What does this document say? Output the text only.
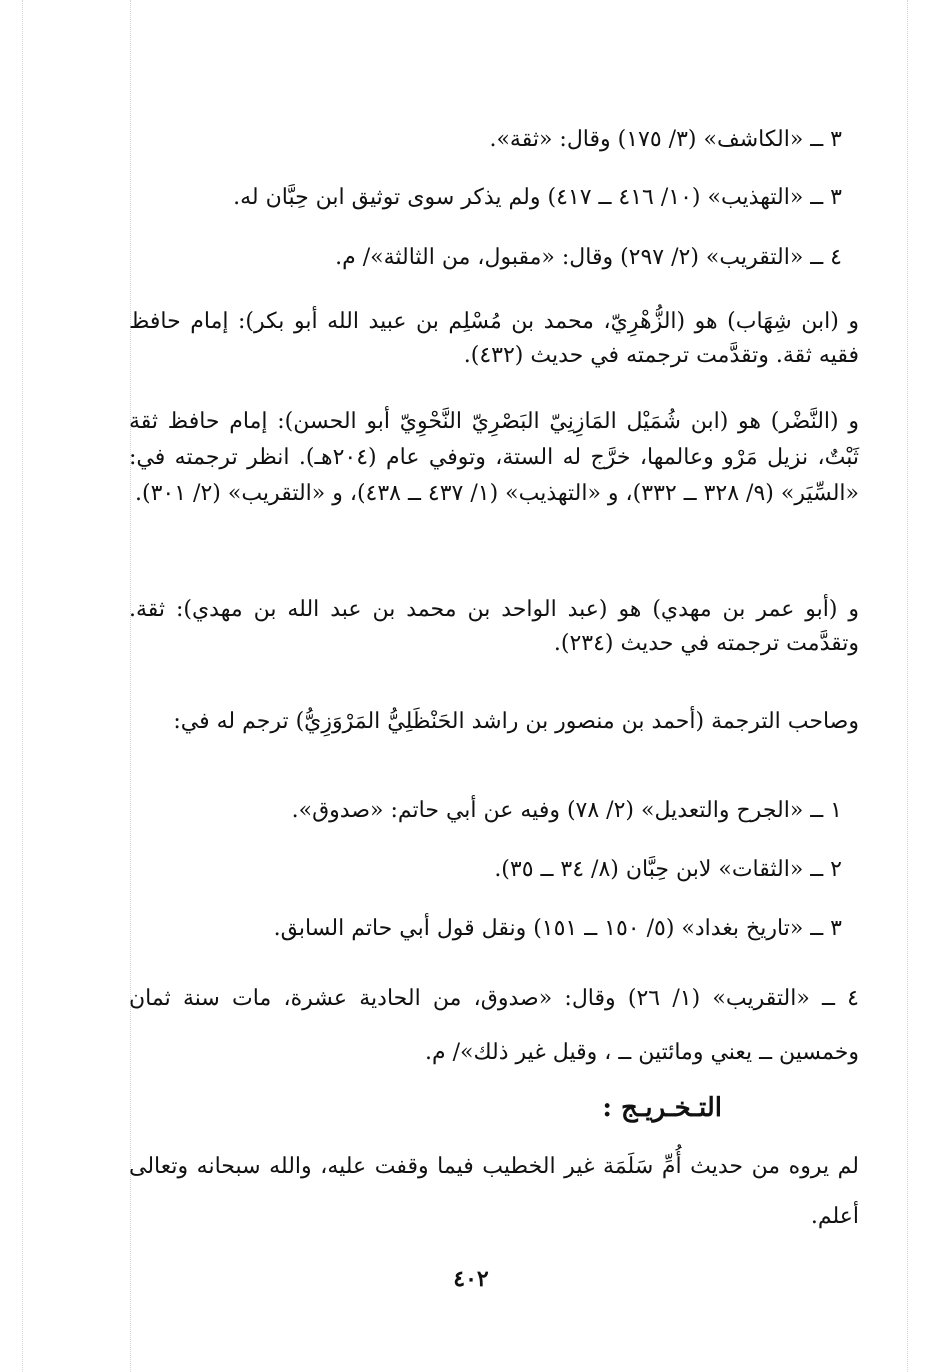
٣ ــ «الكاشف» (٣/ ١٧٥) وقال: «ثقة».
٣ ــ «التهذيب» (١٠/ ٤١٦ ــ ٤١٧) ولم يذكر سوى توثيق ابن حِبَّان له.
٤ ــ «التقريب» (٢/ ٢٩٧) وقال: «مقبول، من الثالثة»/ م.
و (ابن شِهَاب) هو (الزُّهْرِيّ، محمد بن مُسْلِم بن عبيد الله أبو بكر): إمام حافظ فقيه ثقة. وتقدَّمت ترجمته في حديث (٤٣٢).
و (النَّضْر) هو (ابن شُمَيْل المَازِنِيّ البَصْرِيّ النَّحْوِيّ أبو الحسن): إمام حافظ ثقة ثَبْتٌ، نزيل مَرْو وعالمها، خرَّج له الستة، وتوفي عام (٢٠٤هـ). انظر ترجمته في: «السِّيَر» (٩/ ٣٢٨ ــ ٣٣٢)، و «التهذيب» (١/ ٤٣٧ ــ ٤٣٨)، و «التقريب» (٢/ ٣٠١).
و (أبو عمر بن مهدي) هو (عبد الواحد بن محمد بن عبد الله بن مهدي): ثقة. وتقدَّمت ترجمته في حديث (٢٣٤).
وصاحب الترجمة (أحمد بن منصور بن راشد الحَنْظَلِيُّ المَرْوَزِيُّ) ترجم له في:
١ ــ «الجرح والتعديل» (٢/ ٧٨) وفيه عن أبي حاتم: «صدوق».
٢ ــ «الثقات» لابن حِبَّان (٨/ ٣٤ ــ ٣٥).
٣ ــ «تاريخ بغداد» (٥/ ١٥٠ ــ ١٥١) ونقل قول أبي حاتم السابق.
٤ ــ «التقريب» (١/ ٢٦) وقال: «صدوق، من الحادية عشرة، مات سنة ثمان وخمسين ــ يعني ومائتين ــ ، وقيل غير ذلك»/ م.
التـخـريـج :
لم يروه من حديث أُمِّ سَلَمَة غير الخطيب فيما وقفت عليه، والله سبحانه وتعالى أعلم.
٤٠٢
